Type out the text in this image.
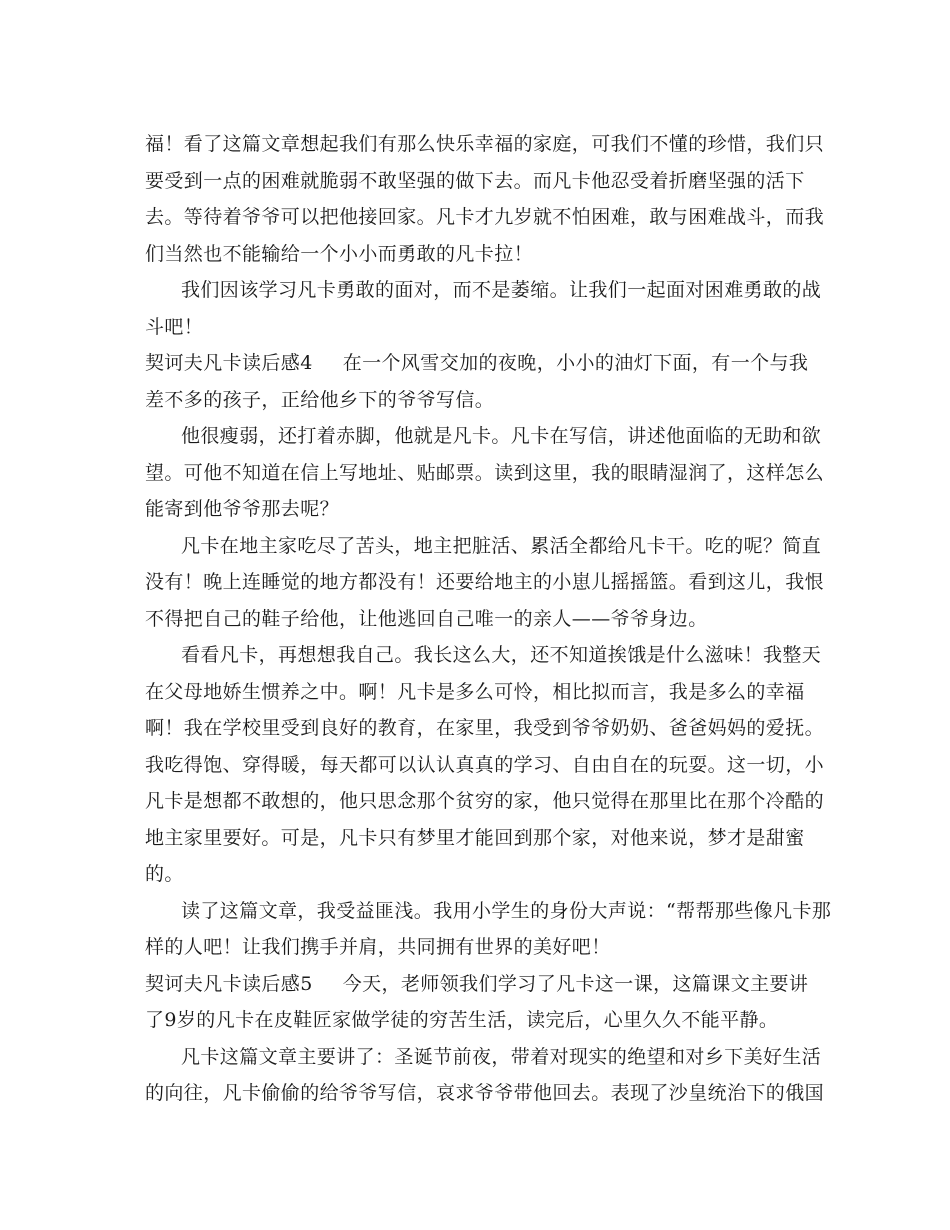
福！看了这篇文章想起我们有那么快乐幸福的家庭，可我们不懂的珍惜，我们只
要受到一点的困难就脆弱不敢坚强的做下去。而凡卡他忍受着折磨坚强的活下
去。等待着爷爷可以把他接回家。凡卡才九岁就不怕困难，敢与困难战斗，而我
们当然也不能输给一个小小而勇敢的凡卡拉！
我们因该学习凡卡勇敢的面对，而不是萎缩。让我们一起面对困难勇敢的战
斗吧！
契诃夫凡卡读后感4 在一个风雪交加的夜晚，小小的油灯下面，有一个与我
差不多的孩子，正给他乡下的爷爷写信。
他很瘦弱，还打着赤脚，他就是凡卡。凡卡在写信，讲述他面临的无助和欲
望。可他不知道在信上写地址、贴邮票。读到这里，我的眼睛湿润了，这样怎么
能寄到他爷爷那去呢？
凡卡在地主家吃尽了苦头，地主把脏活、累活全都给凡卡干。吃的呢？简直
没有！晚上连睡觉的地方都没有！还要给地主的小崽儿摇摇篮。看到这儿，我恨
不得把自己的鞋子给他，让他逃回自己唯一的亲人——爷爷身边。
看看凡卡，再想想我自己。我长这么大，还不知道挨饿是什么滋味！我整天
在父母地娇生惯养之中。啊！凡卡是多么可怜，相比拟而言，我是多么的幸福
啊！我在学校里受到良好的教育，在家里，我受到爷爷奶奶、爸爸妈妈的爱抚。
我吃得饱、穿得暖，每天都可以认认真真的学习、自由自在的玩耍。这一切，小
凡卡是想都不敢想的，他只思念那个贫穷的家，他只觉得在那里比在那个冷酷的
地主家里要好。可是，凡卡只有梦里才能回到那个家，对他来说，梦才是甜蜜
的。
读了这篇文章，我受益匪浅。我用小学生的身份大声说：“帮帮那些像凡卡那
样的人吧！让我们携手并肩，共同拥有世界的美好吧！
契诃夫凡卡读后感5 今天，老师领我们学习了凡卡这一课，这篇课文主要讲
了9岁的凡卡在皮鞋匠家做学徒的穷苦生活，读完后，心里久久不能平静。
凡卡这篇文章主要讲了：圣诞节前夜，带着对现实的绝望和对乡下美好生活
的向往，凡卡偷偷的给爷爷写信，哀求爷爷带他回去。表现了沙皇统治下的俄国
